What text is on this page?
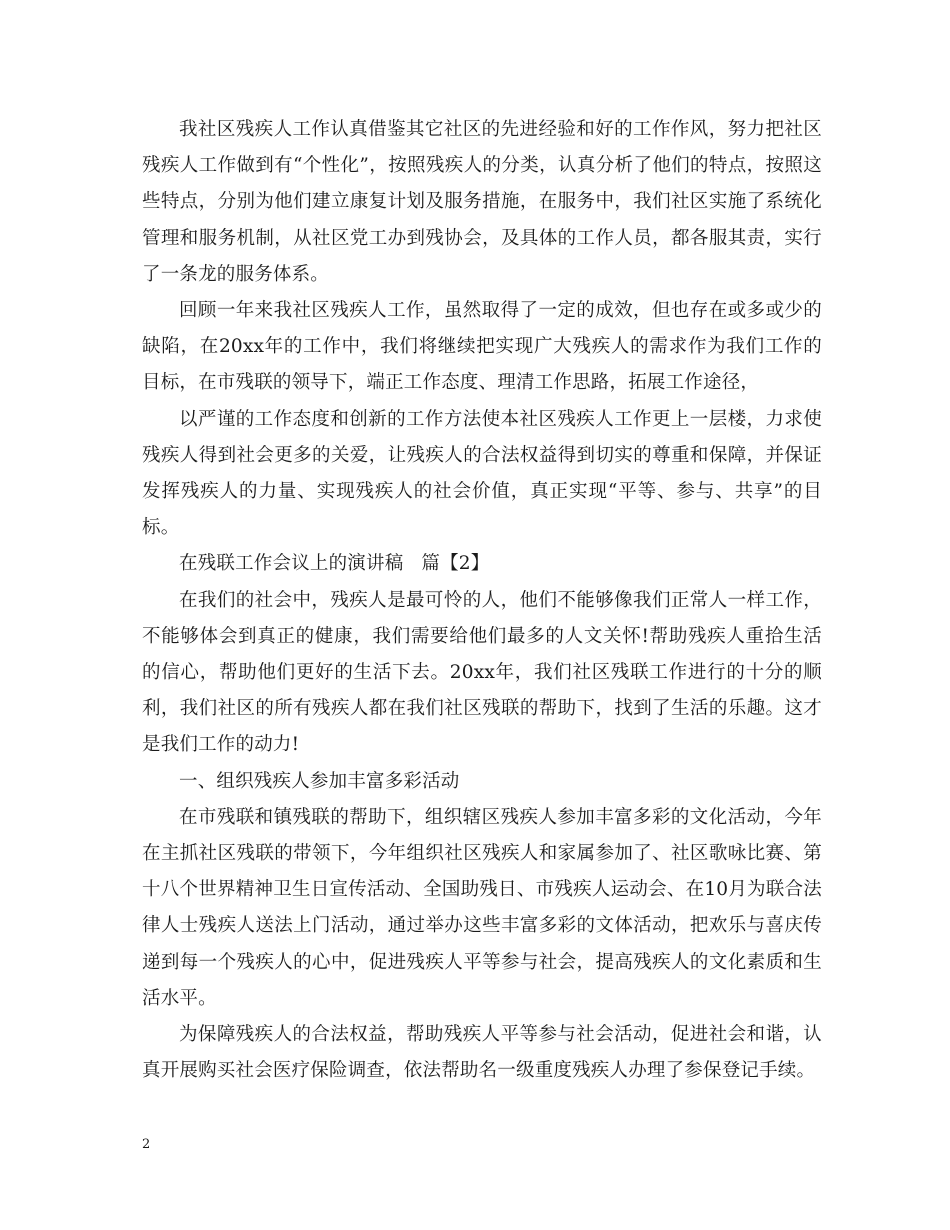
我社区残疾人工作认真借鉴其它社区的先进经验和好的工作作风，努力把社区残疾人工作做到有“个性化”，按照残疾人的分类，认真分析了他们的特点，按照这些特点，分别为他们建立康复计划及服务措施，在服务中，我们社区实施了系统化管理和服务机制，从社区党工办到残协会，及具体的工作人员，都各服其责，实行了一条龙的服务体系。

回顾一年来我社区残疾人工作，虽然取得了一定的成效，但也存在或多或少的缺陷，在20xx年的工作中，我们将继续把实现广大残疾人的需求作为我们工作的目标，在市残联的领导下，端正工作态度、理清工作思路，拓展工作途径，

以严谨的工作态度和创新的工作方法使本社区残疾人工作更上一层楼，力求使残疾人得到社会更多的关爱，让残疾人的合法权益得到切实的尊重和保障，并保证发挥残疾人的力量、实现残疾人的社会价值，真正实现“平等、参与、共享”的目标。

在残联工作会议上的演讲稿 篇【2】

在我们的社会中，残疾人是最可怜的人，他们不能够像我们正常人一样工作，不能够体会到真正的健康，我们需要给他们最多的人文关怀!帮助残疾人重拾生活的信心，帮助他们更好的生活下去。20xx年，我们社区残联工作进行的十分的顺利，我们社区的所有残疾人都在我们社区残联的帮助下，找到了生活的乐趣。这才是我们工作的动力!

一、组织残疾人参加丰富多彩活动

在市残联和镇残联的帮助下，组织辖区残疾人参加丰富多彩的文化活动，今年在主抓社区残联的带领下，今年组织社区残疾人和家属参加了、社区歌咏比赛、第十八个世界精神卫生日宣传活动、全国助残日、市残疾人运动会、在10月为联合法律人士残疾人送法上门活动，通过举办这些丰富多彩的文体活动，把欢乐与喜庆传递到每一个残疾人的心中，促进残疾人平等参与社会，提高残疾人的文化素质和生活水平。

为保障残疾人的合法权益，帮助残疾人平等参与社会活动，促进社会和谐，认真开展购买社会医疗保险调查，依法帮助名一级重度残疾人办理了参保登记手续。

2
